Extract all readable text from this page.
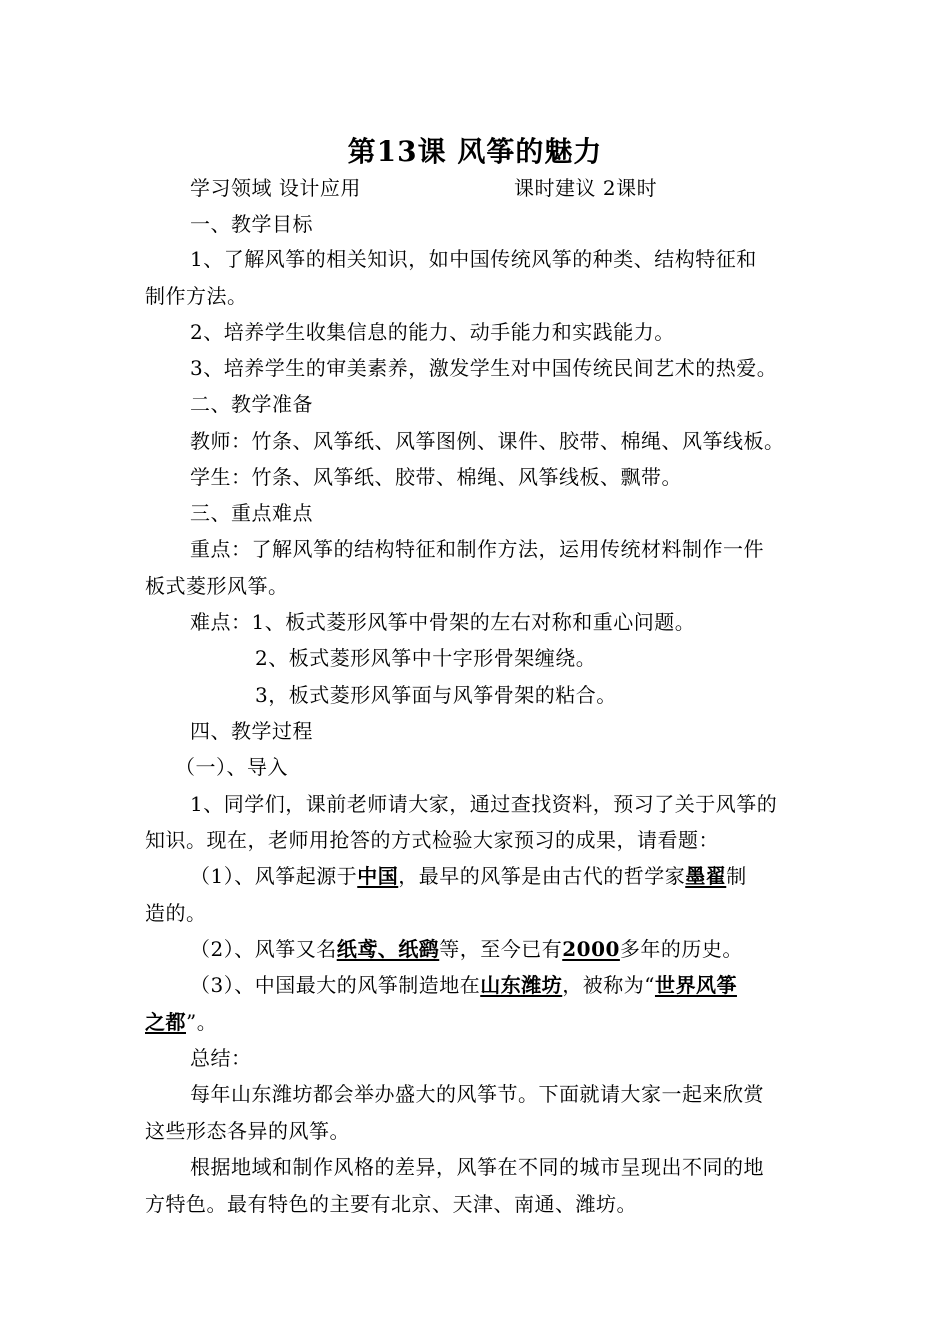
第13课 风筝的魅力
学习领域 设计应用	课时建议 2课时
一、教学目标
1、了解风筝的相关知识，如中国传统风筝的种类、结构特征和
制作方法。
2、培养学生收集信息的能力、动手能力和实践能力。
3、培养学生的审美素养，激发学生对中国传统民间艺术的热爱。
二、教学准备
教师：竹条、风筝纸、风筝图例、课件、胶带、棉绳、风筝线板。
学生：竹条、风筝纸、胶带、棉绳、风筝线板、飘带。
三、重点难点
重点：了解风筝的结构特征和制作方法，运用传统材料制作一件
板式菱形风筝。
难点：1、板式菱形风筝中骨架的左右对称和重心问题。
2、板式菱形风筝中十字形骨架缠绕。
3，板式菱形风筝面与风筝骨架的粘合。
四、教学过程
（一）、导入
1、同学们，课前老师请大家，通过查找资料，预习了关于风筝的
知识。现在，老师用抢答的方式检验大家预习的成果，请看题：
（1）、风筝起源于中国，最早的风筝是由古代的哲学家墨翟制
造的。
（2）、风筝又名纸鸢、纸鹞等，至今已有2000多年的历史。
（3）、中国最大的风筝制造地在山东潍坊，被称为“世界风筝
之都”。
总结：
每年山东潍坊都会举办盛大的风筝节。下面就请大家一起来欣赏
这些形态各异的风筝。
根据地域和制作风格的差异，风筝在不同的城市呈现出不同的地
方特色。最有特色的主要有北京、天津、南通、潍坊。
